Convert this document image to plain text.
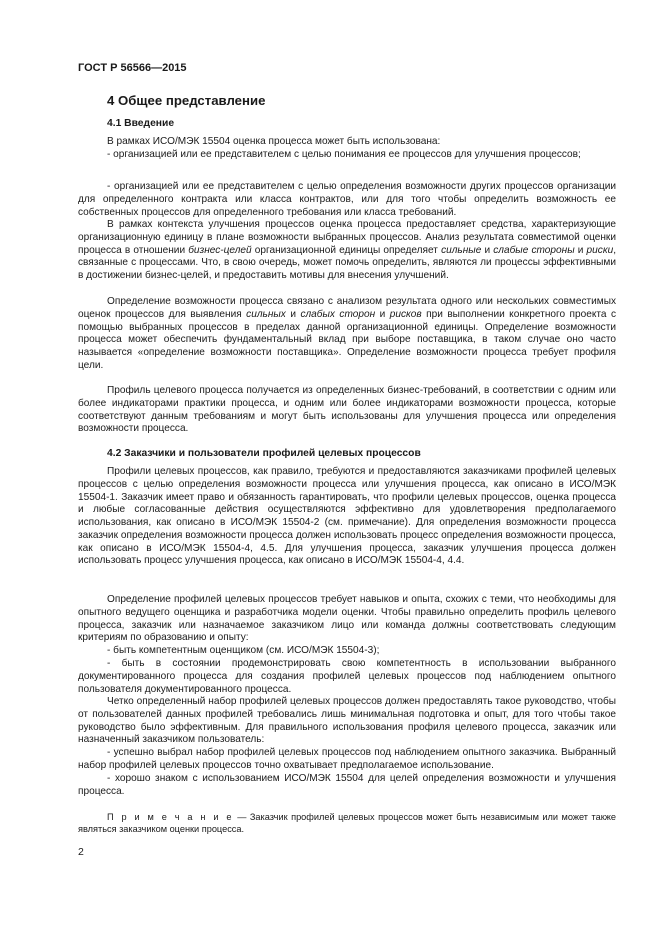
ГОСТ Р 56566—2015

4 Общее представление

4.1 Введение

В рамках ИСО/МЭК 15504 оценка процесса может быть использована:

- организацией или ее представителем с целью понимания ее процессов для улучшения процессов;

- организацией или ее представителем с целью определения возможности других процессов организации для определенного контракта или класса контрактов, или для того чтобы определить возможность ее собственных процессов для определенного требования или класса требований.

В рамках контекста улучшения процессов оценка процесса предоставляет средства, характеризующие организационную единицу в плане возможности выбранных процессов. Анализ результата совместимой оценки процесса в отношении бизнес-целей организационной единицы определяет сильные и слабые стороны и риски, связанные с процессами. Что, в свою очередь, может помочь определить, являются ли процессы эффективными в достижении бизнес-целей, и предоставить мотивы для внесения улучшений.

Определение возможности процесса связано с анализом результата одного или нескольких совместимых оценок процессов для выявления сильных и слабых сторон и рисков при выполнении конкретного проекта с помощью выбранных процессов в пределах данной организационной единицы. Определение возможности процесса может обеспечить фундаментальный вклад при выборе поставщика, в таком случае оно часто называется «определение возможности поставщика». Определение возможности процесса требует профиля цели.

Профиль целевого процесса получается из определенных бизнес-требований, в соответствии с одним или более индикаторами практики процесса, и одним или более индикаторами возможности процесса, которые соответствуют данным требованиям и могут быть использованы для улучшения процесса или определения возможности процесса.

4.2 Заказчики и пользователи профилей целевых процессов

Профили целевых процессов, как правило, требуются и предоставляются заказчиками профилей целевых процессов с целью определения возможности процесса или улучшения процесса, как описано в ИСО/МЭК 15504-1. Заказчик имеет право и обязанность гарантировать, что профили целевых процессов, оценка процесса и любые согласованные действия осуществляются эффективно для удовлетворения предполагаемого использования, как описано в ИСО/МЭК 15504-2 (см. примечание). Для определения возможности процесса заказчик определения возможности процесса должен использовать процесс определения возможности процесса, как описано в ИСО/МЭК 15504-4, 4.5. Для улучшения процесса, заказчик улучшения процесса должен использовать процесс улучшения процесса, как описано в ИСО/МЭК 15504-4, 4.4.

Определение профилей целевых процессов требует навыков и опыта, схожих с теми, что необходимы для опытного ведущего оценщика и разработчика модели оценки. Чтобы правильно определить профиль целевого процесса, заказчик или назначаемое заказчиком лицо или команда должны соответствовать следующим критериям по образованию и опыту:

- быть компетентным оценщиком (см. ИСО/МЭК 15504-3);

- быть в состоянии продемонстрировать свою компетентность в использовании выбранного документированного процесса для создания профилей целевых процессов под наблюдением опытного пользователя документированного процесса.

Четко определенный набор профилей целевых процессов должен предоставлять такое руководство, чтобы от пользователей данных профилей требовались лишь минимальная подготовка и опыт, для того чтобы такое руководство было эффективным. Для правильного использования профиля целевого процесса, заказчик или назначенный заказчиком пользователь:

- успешно выбрал набор профилей целевых процессов под наблюдением опытного заказчика. Выбранный набор профилей целевых процессов точно охватывает предполагаемое использование.

- хорошо знаком с использованием ИСО/МЭК 15504 для целей определения возможности и улучшения процесса.

П р и м е ч а н и е — Заказчик профилей целевых процессов может быть независимым или может также являться заказчиком оценки процесса.

2
